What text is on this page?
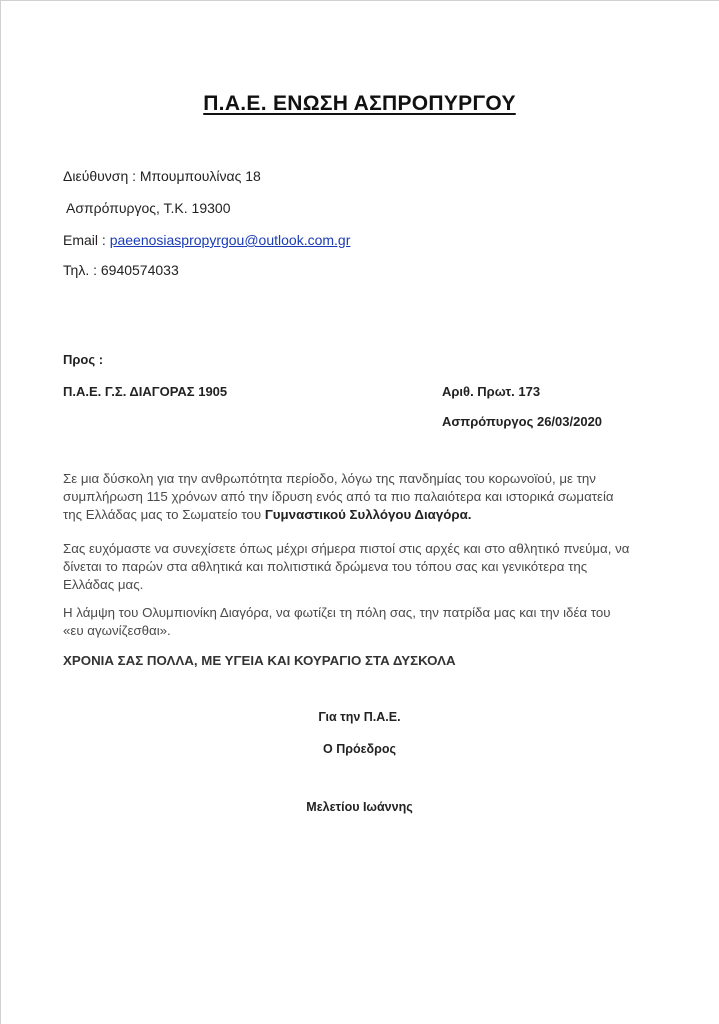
Π.Α.Ε. ΕΝΩΣΗ ΑΣΠΡΟΠΥΡΓΟΥ
Διεύθυνση : Μπουμπουλίνας 18
Ασπρόπυργος, Τ.Κ. 19300
Email : paeenosiaspropyrgou@outlook.com.gr
Τηλ. : 6940574033
Προς :
Π.Α.Ε. Γ.Σ. ΔΙΑΓΟΡΑΣ 1905	Αριθ. Πρωτ. 173
Ασπρόπυργος 26/03/2020
Σε μια δύσκολη για την ανθρωπότητα περίοδο, λόγω της πανδημίας του κορωνοϊού, με την συμπλήρωση 115 χρόνων από την ίδρυση ενός από τα πιο παλαιότερα και ιστορικά σωματεία της Ελλάδας μας το Σωματείο του Γυμναστικού Συλλόγου Διαγόρα.
Σας ευχόμαστε να συνεχίσετε όπως μέχρι σήμερα πιστοί στις αρχές και στο αθλητικό πνεύμα, να δίνεται το παρών στα αθλητικά και πολιτιστικά δρώμενα του τόπου σας και γενικότερα της Ελλάδας μας.
Η λάμψη του Ολυμπιονίκη Διαγόρα, να φωτίζει τη πόλη σας, την πατρίδα μας και την ιδέα του «ευ αγωνίζεσθαι».
ΧΡΟΝΙΑ ΣΑΣ ΠΟΛΛΑ, ΜΕ ΥΓΕΙΑ ΚΑΙ ΚΟΥΡΑΓΙΟ ΣΤΑ ΔΥΣΚΟΛΑ
Για την Π.Α.Ε.
Ο Πρόεδρος
Μελετίου Ιωάννης
